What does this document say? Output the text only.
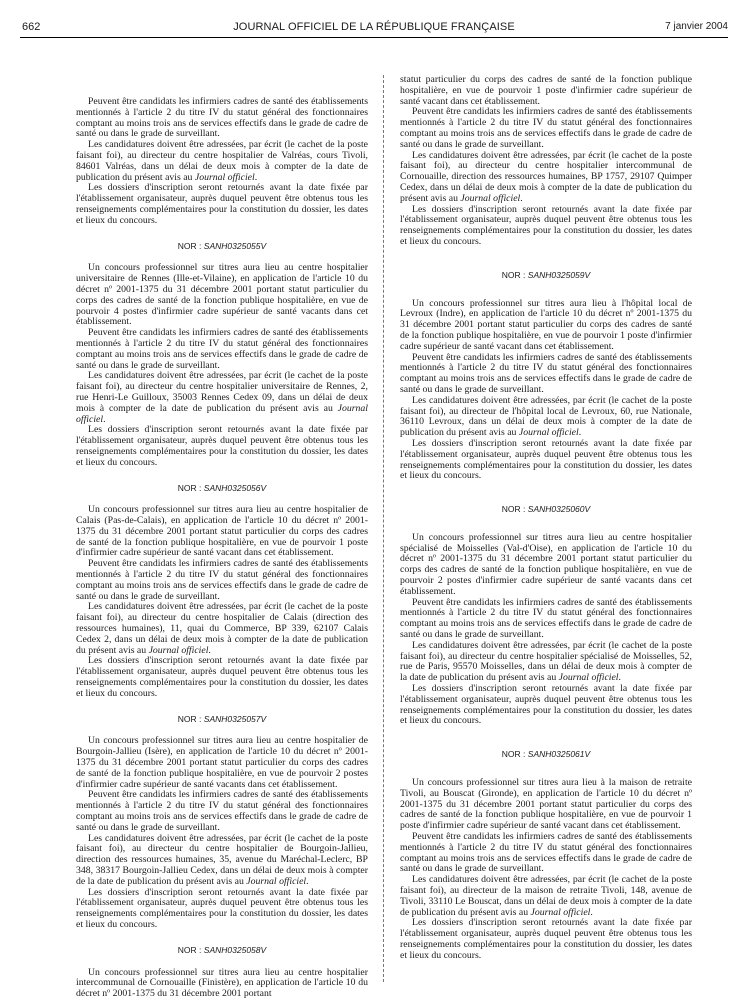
662	JOURNAL OFFICIEL DE LA RÉPUBLIQUE FRANÇAISE	7 janvier 2004

Peuvent être candidats les infirmiers cadres de santé des établissements mentionnés à l'article 2 du titre IV du statut général des fonctionnaires comptant au moins trois ans de services effectifs dans le grade de cadre de santé ou dans le grade de surveillant.

Les candidatures doivent être adressées, par écrit (le cachet de la poste faisant foi), au directeur du centre hospitalier de Valréas, cours Tivoli, 84601 Valréas, dans un délai de deux mois à compter de la date de publication du présent avis au Journal officiel.

Les dossiers d'inscription seront retournés avant la date fixée par l'établissement organisateur, auprès duquel peuvent être obtenus tous les renseignements complémentaires pour la constitution du dossier, les dates et lieux du concours.

NOR : SANH0325055V

Un concours professionnel sur titres aura lieu au centre hospitalier universitaire de Rennes (Ille-et-Vilaine), en application de l'article 10 du décret nº 2001-1375 du 31 décembre 2001 portant statut particulier du corps des cadres de santé de la fonction publique hospitalière, en vue de pourvoir 4 postes d'infirmier cadre supérieur de santé vacants dans cet établissement.

Peuvent être candidats les infirmiers cadres de santé des établissements mentionnés à l'article 2 du titre IV du statut général des fonctionnaires comptant au moins trois ans de services effectifs dans le grade de cadre de santé ou dans le grade de surveillant.

Les candidatures doivent être adressées, par écrit (le cachet de la poste faisant foi), au directeur du centre hospitalier universitaire de Rennes, 2, rue Henri-Le Guilloux, 35003 Rennes Cedex 09, dans un délai de deux mois à compter de la date de publication du présent avis au Journal officiel.

Les dossiers d'inscription seront retournés avant la date fixée par l'établissement organisateur, auprès duquel peuvent être obtenus tous les renseignements complémentaires pour la constitution du dossier, les dates et lieux du concours.

NOR : SANH0325056V

Un concours professionnel sur titres aura lieu au centre hospitalier de Calais (Pas-de-Calais), en application de l'article 10 du décret nº 2001-1375 du 31 décembre 2001 portant statut particulier du corps des cadres de santé de la fonction publique hospitalière, en vue de pourvoir 1 poste d'infirmier cadre supérieur de santé vacant dans cet établissement.

Peuvent être candidats les infirmiers cadres de santé des établissements mentionnés à l'article 2 du titre IV du statut général des fonctionnaires comptant au moins trois ans de services effectifs dans le grade de cadre de santé ou dans le grade de surveillant.

Les candidatures doivent être adressées, par écrit (le cachet de la poste faisant foi), au directeur du centre hospitalier de Calais (direction des ressources humaines), 11, quai du Commerce, BP 339, 62107 Calais Cedex 2, dans un délai de deux mois à compter de la date de publication du présent avis au Journal officiel.

Les dossiers d'inscription seront retournés avant la date fixée par l'établissement organisateur, auprès duquel peuvent être obtenus tous les renseignements complémentaires pour la constitution du dossier, les dates et lieux du concours.

NOR : SANH0325057V

Un concours professionnel sur titres aura lieu au centre hospitalier de Bourgoin-Jallieu (Isère), en application de l'article 10 du décret nº 2001-1375 du 31 décembre 2001 portant statut particulier du corps des cadres de santé de la fonction publique hospitalière, en vue de pourvoir 2 postes d'infirmier cadre supérieur de santé vacants dans cet établissement.

Peuvent être candidats les infirmiers cadres de santé des établissements mentionnés à l'article 2 du titre IV du statut général des fonctionnaires comptant au moins trois ans de services effectifs dans le grade de cadre de santé ou dans le grade de surveillant.

Les candidatures doivent être adressées, par écrit (le cachet de la poste faisant foi), au directeur du centre hospitalier de Bourgoin-Jallieu, direction des ressources humaines, 35, avenue du Maréchal-Leclerc, BP 348, 38317 Bourgoin-Jallieu Cedex, dans un délai de deux mois à compter de la date de publication du présent avis au Journal officiel.

Les dossiers d'inscription seront retournés avant la date fixée par l'établissement organisateur, auprès duquel peuvent être obtenus tous les renseignements complémentaires pour la constitution du dossier, les dates et lieux du concours.

NOR : SANH0325058V

Un concours professionnel sur titres aura lieu au centre hospitalier intercommunal de Cornouaille (Finistère), en application de l'article 10 du décret nº 2001-1375 du 31 décembre 2001 portant

statut particulier du corps des cadres de santé de la fonction publique hospitalière, en vue de pourvoir 1 poste d'infirmier cadre supérieur de santé vacant dans cet établissement.

Peuvent être candidats les infirmiers cadres de santé des établissements mentionnés à l'article 2 du titre IV du statut général des fonctionnaires comptant au moins trois ans de services effectifs dans le grade de cadre de santé ou dans le grade de surveillant.

Les candidatures doivent être adressées, par écrit (le cachet de la poste faisant foi), au directeur du centre hospitalier intercommunal de Cornouaille, direction des ressources humaines, BP 1757, 29107 Quimper Cedex, dans un délai de deux mois à compter de la date de publication du présent avis au Journal officiel.

Les dossiers d'inscription seront retournés avant la date fixée par l'établissement organisateur, auprès duquel peuvent être obtenus tous les renseignements complémentaires pour la constitution du dossier, les dates et lieux du concours.

NOR : SANH0325059V

Un concours professionnel sur titres aura lieu à l'hôpital local de Levroux (Indre), en application de l'article 10 du décret nº 2001-1375 du 31 décembre 2001 portant statut particulier du corps des cadres de santé de la fonction publique hospitalière, en vue de pourvoir 1 poste d'infirmier cadre supérieur de santé vacant dans cet établissement.

Peuvent être candidats les infirmiers cadres de santé des établissements mentionnés à l'article 2 du titre IV du statut général des fonctionnaires comptant au moins trois ans de services effectifs dans le grade de cadre de santé ou dans le grade de surveillant.

Les candidatures doivent être adressées, par écrit (le cachet de la poste faisant foi), au directeur de l'hôpital local de Levroux, 60, rue Nationale, 36110 Levroux, dans un délai de deux mois à compter de la date de publication du présent avis au Journal officiel.

Les dossiers d'inscription seront retournés avant la date fixée par l'établissement organisateur, auprès duquel peuvent être obtenus tous les renseignements complémentaires pour la constitution du dossier, les dates et lieux du concours.

NOR : SANH0325060V

Un concours professionnel sur titres aura lieu au centre hospitalier spécialisé de Moisselles (Val-d'Oise), en application de l'article 10 du décret nº 2001-1375 du 31 décembre 2001 portant statut particulier du corps des cadres de santé de la fonction publique hospitalière, en vue de pourvoir 2 postes d'infirmier cadre supérieur de santé vacants dans cet établissement.

Peuvent être candidats les infirmiers cadres de santé des établissements mentionnés à l'article 2 du titre IV du statut général des fonctionnaires comptant au moins trois ans de services effectifs dans le grade de cadre de santé ou dans le grade de surveillant.

Les candidatures doivent être adressées, par écrit (le cachet de la poste faisant foi), au directeur du centre hospitalier spécialisé de Moisselles, 52, rue de Paris, 95570 Moisselles, dans un délai de deux mois à compter de la date de publication du présent avis au Journal officiel.

Les dossiers d'inscription seront retournés avant la date fixée par l'établissement organisateur, auprès duquel peuvent être obtenus tous les renseignements complémentaires pour la constitution du dossier, les dates et lieux du concours.

NOR : SANH0325061V

Un concours professionnel sur titres aura lieu à la maison de retraite Tivoli, au Bouscat (Gironde), en application de l'article 10 du décret nº 2001-1375 du 31 décembre 2001 portant statut particulier du corps des cadres de santé de la fonction publique hospitalière, en vue de pourvoir 1 poste d'infirmier cadre supérieur de santé vacant dans cet établissement.

Peuvent être candidats les infirmiers cadres de santé des établissements mentionnés à l'article 2 du titre IV du statut général des fonctionnaires comptant au moins trois ans de services effectifs dans le grade de cadre de santé ou dans le grade de surveillant.

Les candidatures doivent être adressées, par écrit (le cachet de la poste faisant foi), au directeur de la maison de retraite Tivoli, 148, avenue de Tivoli, 33110 Le Bouscat, dans un délai de deux mois à compter de la date de publication du présent avis au Journal officiel.

Les dossiers d'inscription seront retournés avant la date fixée par l'établissement organisateur, auprès duquel peuvent être obtenus tous les renseignements complémentaires pour la constitution du dossier, les dates et lieux du concours.
